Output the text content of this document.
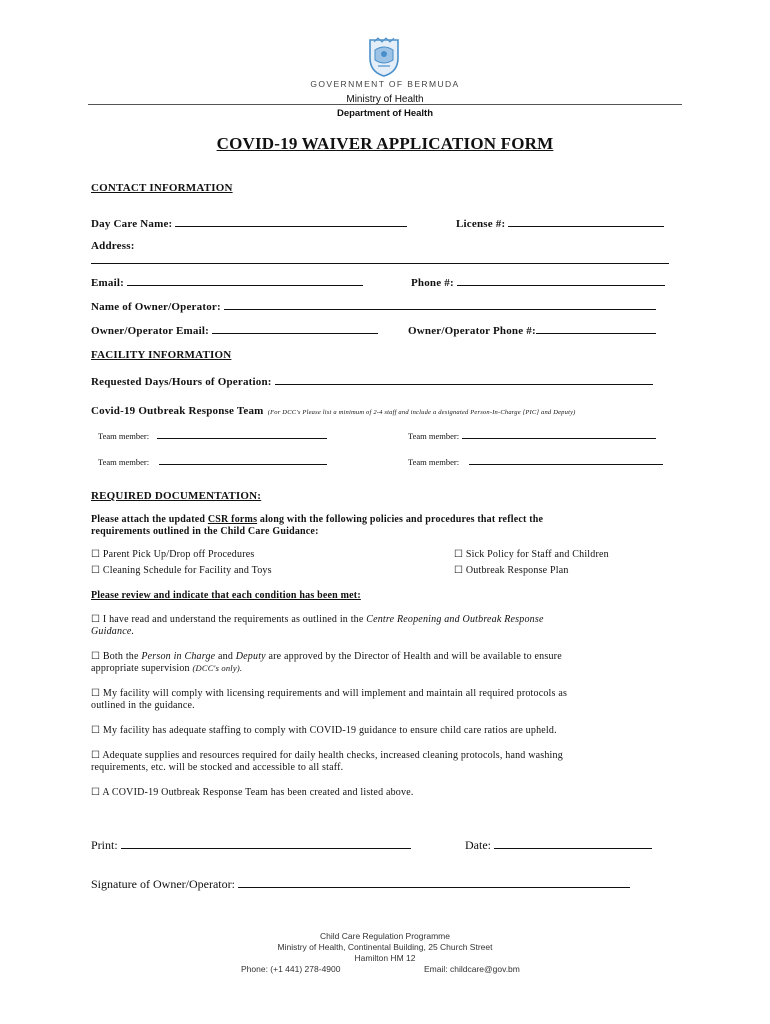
GOVERNMENT OF BERMUDA
Ministry of Health
Department of Health
COVID-19 WAIVER APPLICATION FORM
CONTACT INFORMATION
Day Care Name:	License #:
Address:
Email:	Phone #:
Name of Owner/Operator:
Owner/Operator Email:	Owner/Operator Phone #:
FACILITY INFORMATION
Requested Days/Hours of Operation:
Covid-19 Outbreak Response Team (For DCC's Please list a minimum of 2-4 staff and include a designated Person-In-Charge [PIC] and Deputy)
Team member:	Team member:
Team member:	Team member:
REQUIRED DOCUMENTATION:
Please attach the updated CSR forms along with the following policies and procedures that reflect the
requirements outlined in the Child Care Guidance:
☐ Parent Pick Up/Drop off Procedures
☐ Cleaning Schedule for Facility and Toys
☐ Sick Policy for Staff and Children
☐ Outbreak Response Plan
Please review and indicate that each condition has been met:
☐ I have read and understand the requirements as outlined in the Centre Reopening and Outbreak Response
Guidance.
☐ Both the Person in Charge and Deputy are approved by the Director of Health and will be available to ensure
appropriate supervision (DCC's only).
☐ My facility will comply with licensing requirements and will implement and maintain all required protocols as
outlined in the guidance.
☐ My facility has adequate staffing to comply with COVID-19 guidance to ensure child care ratios are upheld.
☐ Adequate supplies and resources required for daily health checks, increased cleaning protocols, hand washing
requirements, etc. will be stocked and accessible to all staff.
☐ A COVID-19 Outbreak Response Team has been created and listed above.
Print:	Date:
Signature of Owner/Operator:
Child Care Regulation Programme
Ministry of Health, Continental Building, 25 Church Street
Hamilton HM 12
Phone: (+1 441) 278-4900	Email: childcare@gov.bm
